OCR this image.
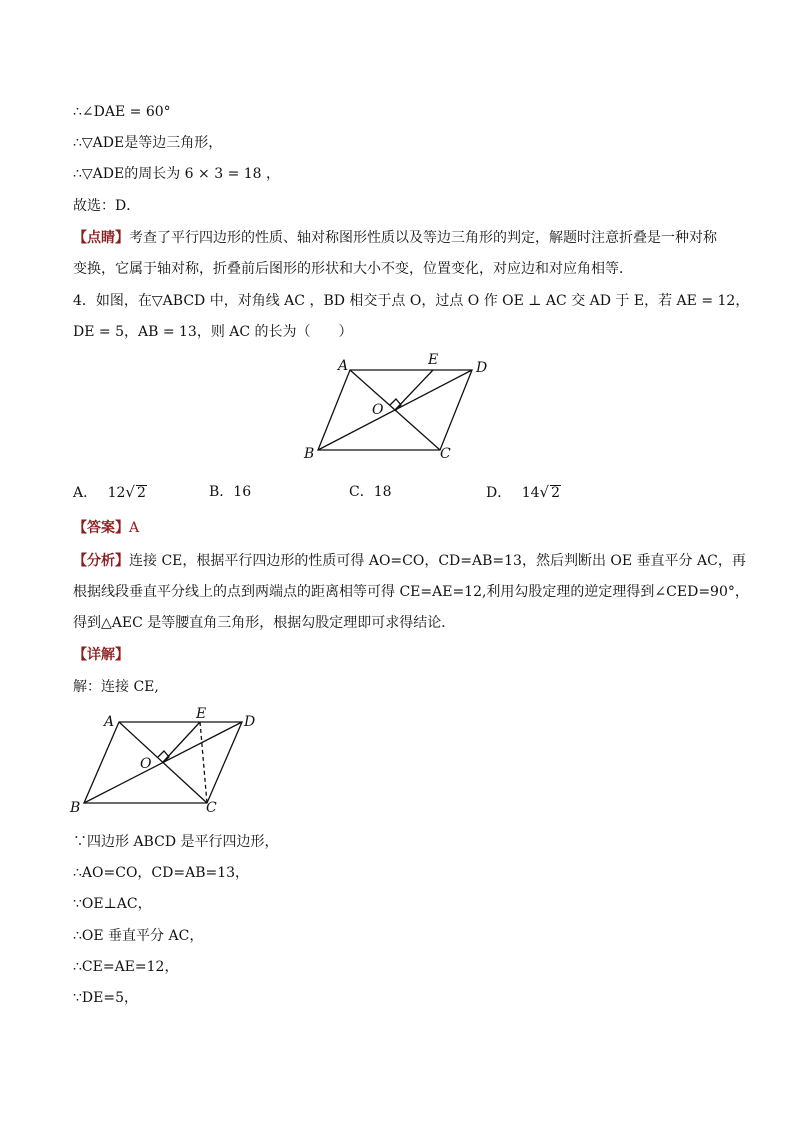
∴∠DAE = 60°
∴▽ADE是等边三角形，
∴▽ADE的周长为 6 × 3 = 18 ，
故选：D．
【点睛】考查了平行四边形的性质、轴对称图形性质以及等边三角形的判定，解题时注意折叠是一种对称
变换，它属于轴对称，折叠前后图形的形状和大小不变，位置变化，对应边和对应角相等．
4．如图，在▽ABCD 中，对角线 AC ，BD 相交于点 O，过点 O 作 OE ⊥ AC 交 AD 于 E，若 AE = 12，
DE = 5，AB = 13，则 AC 的长为（　　）
A	D
E
O
B	C
A． 12√ 2	B．16	C．18	D． 14√ 2
【答案】A
【分析】连接 CE，根据平行四边形的性质可得 AO=CO，CD=AB=13，然后判断出 OE 垂直平分 AC，再
根据线段垂直平分线上的点到两端点的距离相等可得 CE=AE=12,利用勾股定理的逆定理得到∠CED=90°，
得到△AEC 是等腰直角三角形，根据勾股定理即可求得结论．
【详解】
解：连接 CE,
A	D
E
O
B	C
∵四边形 ABCD 是平行四边形，
∴AO=CO，CD=AB=13，
∵OE⊥AC，
∴OE 垂直平分 AC，
∴CE=AE=12，
∵DE=5，
